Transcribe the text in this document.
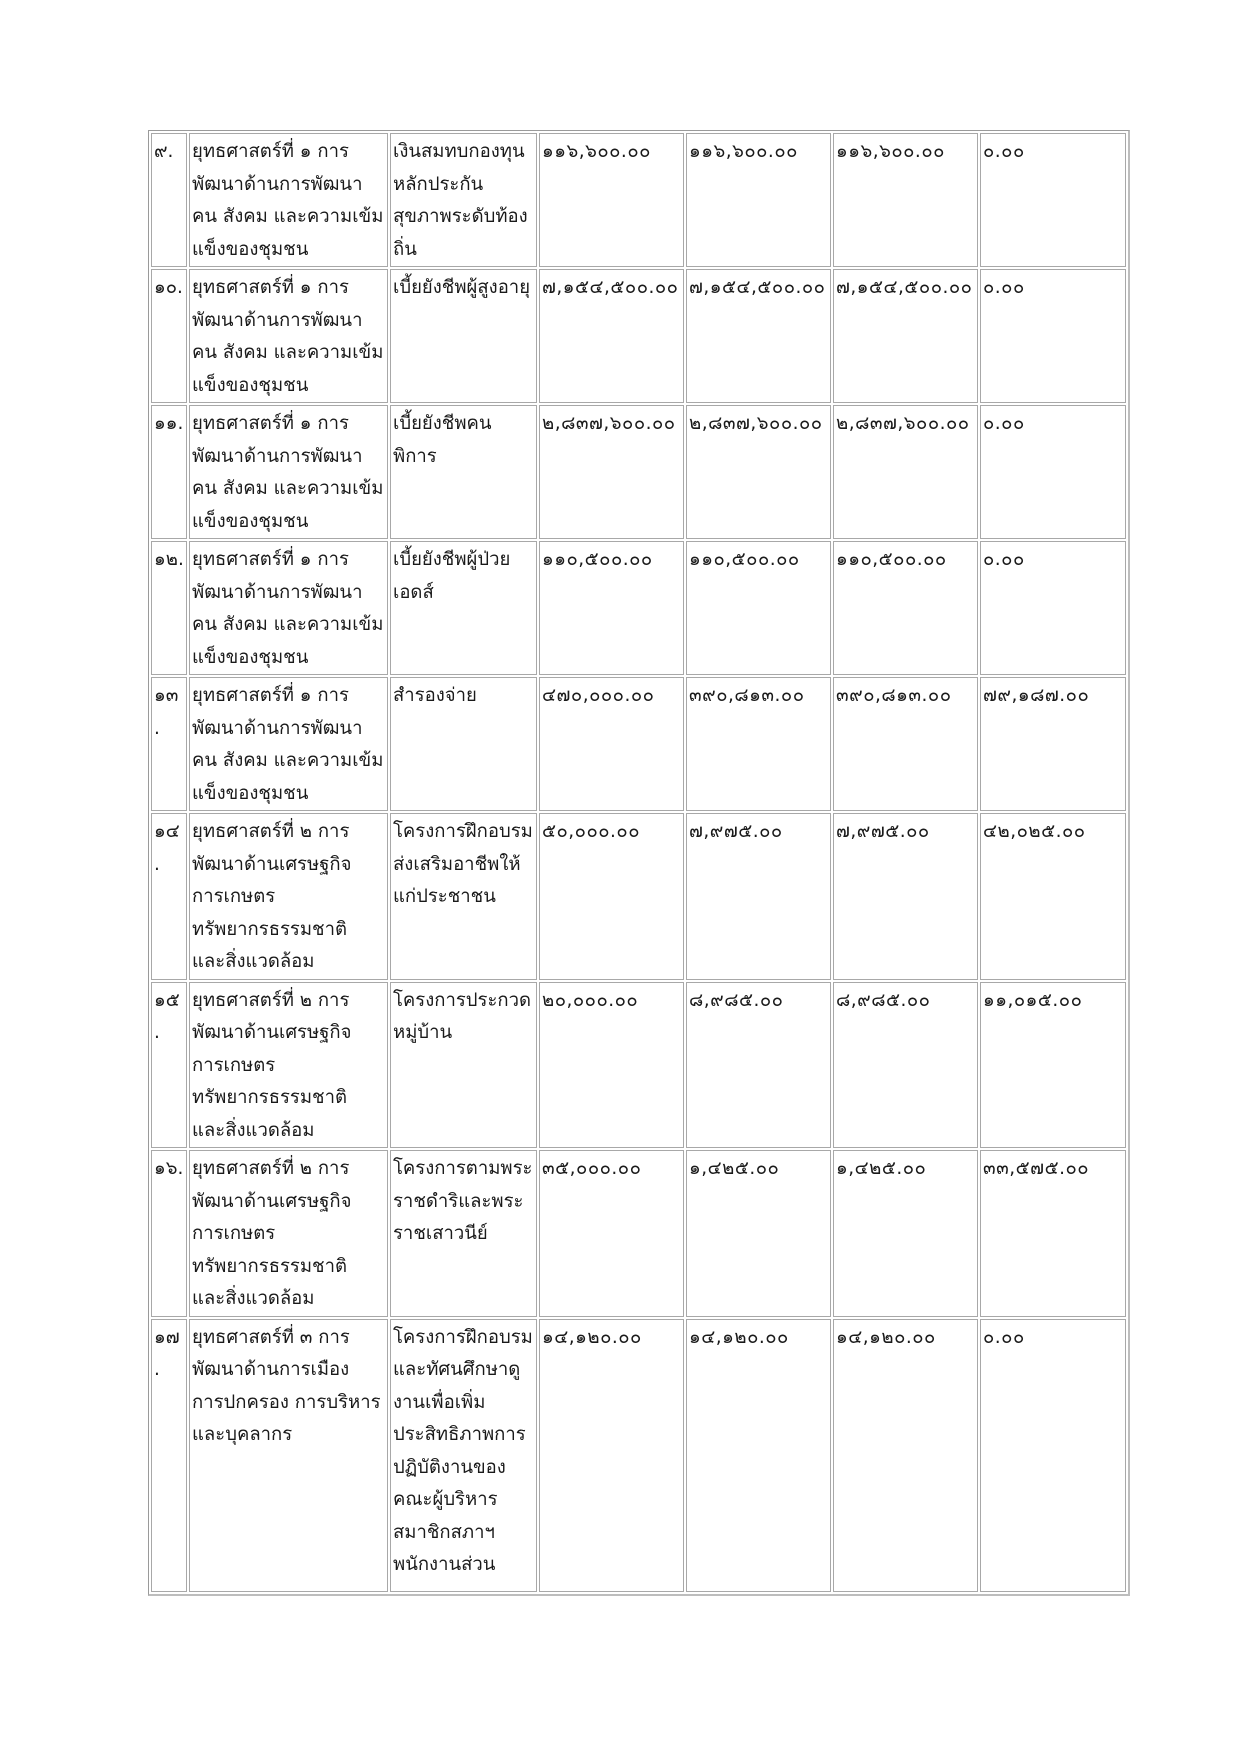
๙.	ยุทธศาสตร์ที่ ๑ การพัฒนาด้านการพัฒนาคน สังคม และความเข้มแข็งของชุมชน	เงินสมทบกองทุนหลักประกันสุขภาพระดับท้องถิ่น	๑๑๖,๖๐๐.๐๐	๑๑๖,๖๐๐.๐๐	๑๑๖,๖๐๐.๐๐	๐.๐๐
๑๐.	ยุทธศาสตร์ที่ ๑ การพัฒนาด้านการพัฒนาคน สังคม และความเข้มแข็งของชุมชน	เบี้ยยังชีพผู้สูงอายุ	๗,๑๕๔,๕๐๐.๐๐	๗,๑๕๔,๕๐๐.๐๐	๗,๑๕๔,๕๐๐.๐๐	๐.๐๐
๑๑.	ยุทธศาสตร์ที่ ๑ การพัฒนาด้านการพัฒนาคน สังคม และความเข้มแข็งของชุมชน	เบี้ยยังชีพคนพิการ	๒,๘๓๗,๖๐๐.๐๐	๒,๘๓๗,๖๐๐.๐๐	๒,๘๓๗,๖๐๐.๐๐	๐.๐๐
๑๒.	ยุทธศาสตร์ที่ ๑ การพัฒนาด้านการพัฒนาคน สังคม และความเข้มแข็งของชุมชน	เบี้ยยังชีพผู้ป่วยเอดส์	๑๑๐,๕๐๐.๐๐	๑๑๐,๕๐๐.๐๐	๑๑๐,๕๐๐.๐๐	๐.๐๐
๑๓.	ยุทธศาสตร์ที่ ๑ การพัฒนาด้านการพัฒนาคน สังคม และความเข้มแข็งของชุมชน	สำรองจ่าย	๔๗๐,๐๐๐.๐๐	๓๙๐,๘๑๓.๐๐	๓๙๐,๘๑๓.๐๐	๗๙,๑๘๗.๐๐
๑๔.	ยุทธศาสตร์ที่ ๒ การพัฒนาด้านเศรษฐกิจ การเกษตร ทรัพยากรธรรมชาติ และสิ่งแวดล้อม	โครงการฝึกอบรมส่งเสริมอาชีพให้แก่ประชาชน	๕๐,๐๐๐.๐๐	๗,๙๗๕.๐๐	๗,๙๗๕.๐๐	๔๒,๐๒๕.๐๐
๑๕.	ยุทธศาสตร์ที่ ๒ การพัฒนาด้านเศรษฐกิจ การเกษตร ทรัพยากรธรรมชาติ และสิ่งแวดล้อม	โครงการประกวดหมู่บ้าน	๒๐,๐๐๐.๐๐	๘,๙๘๕.๐๐	๘,๙๘๕.๐๐	๑๑,๐๑๕.๐๐
๑๖.	ยุทธศาสตร์ที่ ๒ การพัฒนาด้านเศรษฐกิจ การเกษตร ทรัพยากรธรรมชาติ และสิ่งแวดล้อม	โครงการตามพระราชดำริและพระราชเสาวนีย์	๓๕,๐๐๐.๐๐	๑,๔๒๕.๐๐	๑,๔๒๕.๐๐	๓๓,๕๗๕.๐๐
๑๗.	ยุทธศาสตร์ที่ ๓ การพัฒนาด้านการเมือง การปกครอง การบริหาร และบุคลากร	โครงการฝึกอบรมและทัศนศึกษาดูงานเพื่อเพิ่มประสิทธิภาพการปฏิบัติงานของคณะผู้บริหาร สมาชิกสภาฯ พนักงานส่วน	๑๔,๑๒๐.๐๐	๑๔,๑๒๐.๐๐	๑๔,๑๒๐.๐๐	๐.๐๐
